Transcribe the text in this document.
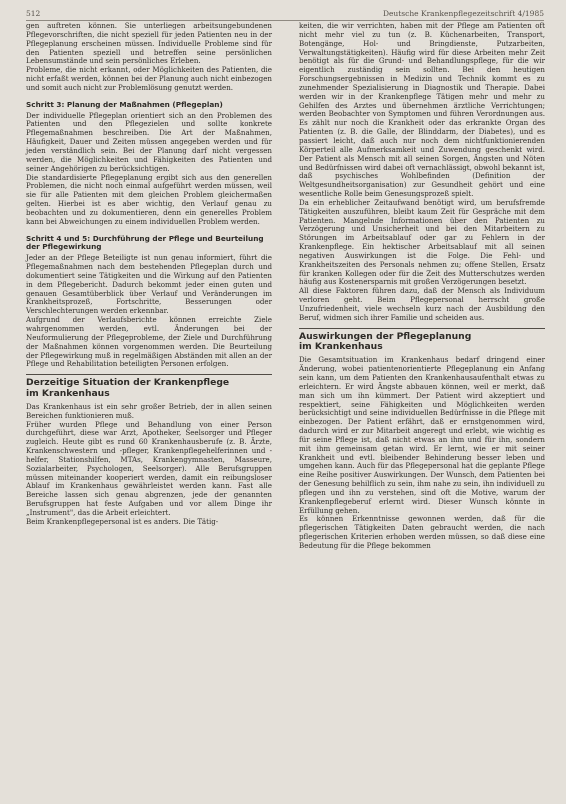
512	Deutsche Krankenpflegezeitschrift 4/1985

gen auftreten können. Sie unterliegen arbeitsungebundenen Pflegevorschriften, die nicht speziell für jeden Patienten neu in der Pflegeplanung erscheinen müssen. Individuelle Probleme sind für den Patienten speziell und betreffen seine persönlichen Lebensumstände und sein persönliches Erleben.

Probleme, die nicht erkannt, oder Möglichkeiten des Patienten, die nicht erfaßt werden, können bei der Planung auch nicht einbezogen und somit auch nicht zur Problemlösung genutzt werden.

Schritt 3: Planung der Maßnahmen (Pflegeplan)

Der individuelle Pflegeplan orientiert sich an den Problemen des Patienten und den Pflegezielen und sollte konkrete Pflegemaßnahmen beschreiben. Die Art der Maßnahmen, Häufigkeit, Dauer und Zeiten müssen angegeben werden und für jeden verständlich sein. Bei der Planung darf nicht vergessen werden, die Möglichkeiten und Fähigkeiten des Patienten und seiner Angehörigen zu berücksichtigen.

Die standardisierte Pflegeplanung ergibt sich aus den generellen Problemen, die nicht noch einmal aufgeführt werden müssen, weil sie für alle Patienten mit dem gleichen Problem gleichermaßen gelten. Hierbei ist es aber wichtig, den Verlauf genau zu beobachten und zu dokumentieren, denn ein generelles Problem kann bei Abweichungen zu einem individuellen Problem werden.

Schritt 4 und 5: Durchführung der Pflege und Beurteilung der Pflegewirkung

Jeder an der Pflege Beteiligte ist nun genau informiert, führt die Pflegemaßnahmen nach dem bestehenden Pflegeplan durch und dokumentiert seine Tätigkeiten und die Wirkung auf den Patienten in dem Pflegebericht. Dadurch bekommt jeder einen guten und genauen Gesamtüberblick über Verlauf und Veränderungen im Krankheitsprozeß, Fortschritte, Besserungen oder Verschlechterungen werden erkennbar.

Aufgrund der Verlaufsberichte können erreichte Ziele wahrgenommen werden, evtl. Änderungen bei der Neuformulierung der Pflegeprobleme, der Ziele und Durchführung der Maßnahmen können vorgenommen werden. Die Beurteilung der Pflegewirkung muß in regelmäßigen Abständen mit allen an der Pflege und Rehabilitation beteiligten Personen erfolgen.

Derzeitige Situation der Krankenpflege
im Krankenhaus

Das Krankenhaus ist ein sehr großer Betrieb, der in allen seinen Bereichen funktionieren muß.

Früher wurden Pflege und Behandlung von einer Person durchgeführt, diese war Arzt, Apotheker, Seelsorger und Pfleger zugleich. Heute gibt es rund 60 Krankenhausberufe (z. B. Ärzte, Krankenschwestern und -pfleger, Krankenpflegehelferinnen und -helfer, Stationshilfen, MTAs, Krankengymnasten, Masseure, Sozialarbeiter, Psychologen, Seelsorger). Alle Berufsgruppen müssen miteinander kooperiert werden, damit ein reibungsloser Ablauf im Krankenhaus gewährleistet werden kann. Fast alle Bereiche lassen sich genau abgrenzen, jede der genannten Berufsgruppen hat feste Aufgaben und vor allem Dinge ihr „Instrument", das die Arbeit erleichtert.

Beim Krankenpflegepersonal ist es anders. Die Tätig-

keiten, die wir verrichten, haben mit der Pflege am Patienten oft nicht mehr viel zu tun (z. B. Küchenarbeiten, Transport, Botengänge, Hol- und Bringdienste, Putzarbeiten, Verwaltungstätigkeiten). Häufig wird für diese Arbeiten mehr Zeit benötigt als für die Grund- und Behandlungspflege, für die wir eigentlich zuständig sein sollten. Bei den heutigen Forschungsergebnissen in Medizin und Technik kommt es zu zunehmender Spezialisierung in Diagnostik und Therapie. Dabei werden wir in der Krankenpflege Tätigen mehr und mehr zu Gehilfen des Arztes und übernehmen ärztliche Verrichtungen; werden Beobachter von Symptomen und führen Verordnungen aus. Es zählt nur noch die Krankheit oder das erkrankte Organ des Patienten (z. B. die Galle, der Blinddarm, der Diabetes), und es passiert leicht, daß auch nur noch dem nichtfunktionierenden Körperteil alle Aufmerksamkeit und Zuwendung geschenkt wird. Der Patient als Mensch mit all seinen Sorgen, Ängsten und Nöten und Bedürfnissen wird dabei oft vernachlässigt, obwohl bekannt ist, daß psychisches Wohlbefinden (Definition der Weltgesundheitsorganisation) zur Gesundheit gehört und eine wesentliche Rolle beim Genesungsprozeß spielt.

Da ein erheblicher Zeitaufwand benötigt wird, um berufsfremde Tätigkeiten auszuführen, bleibt kaum Zeit für Gespräche mit dem Patienten. Mangelnde Informationen über den Patienten zu Verzögerung und Unsicherheit und bei den Mitarbeitern zu Störungen im Arbeitsablauf oder gar zu Fehlern in der Krankenpflege. Ein hektischer Arbeitsablauf mit all seinen negativen Auswirkungen ist die Folge. Die Fehl- und Krankheitszeiten des Personals nehmen zu; offene Stellen, Ersatz für kranken Kollegen oder für die Zeit des Mutterschutzes werden häufig aus Kostenersparnis mit großen Verzögerungen besetzt.

All diese Faktoren führen dazu, daß der Mensch als Individuum verloren geht. Beim Pflegepersonal herrscht große Unzufriedenheit, viele wechseln kurz nach der Ausbildung den Beruf, widmen sich ihrer Familie und scheiden aus.

Auswirkungen der Pflegeplanung
im Krankenhaus

Die Gesamtsituation im Krankenhaus bedarf dringend einer Änderung, wobei patientenorientierte Pflegeplanung ein Anfang sein kann, um dem Patienten den Krankenhausaufenthalt etwas zu erleichtern. Er wird Ängste abbauen können, weil er merkt, daß man sich um ihn kümmert. Der Patient wird akzeptiert und respektiert, seine Fähigkeiten und Möglichkeiten werden berücksichtigt und seine individuellen Bedürfnisse in die Pflege mit einbezogen. Der Patient erfährt, daß er ernstgenommen wird, dadurch wird er zur Mitarbeit angeregt und erlebt, wie wichtig es für seine Pflege ist, daß nicht etwas an ihm und für ihn, sondern mit ihm gemeinsam getan wird. Er lernt, wie er mit seiner Krankheit und evtl. bleibender Behinderung besser leben und umgehen kann. Auch für das Pflegepersonal hat die geplante Pflege eine Reihe positiver Auswirkungen. Der Wunsch, dem Patienten bei der Genesung behilflich zu sein, ihm nahe zu sein, ihn individuell zu pflegen und ihn zu verstehen, sind oft die Motive, warum der Krankenpflegeberuf erlernt wird. Dieser Wunsch könnte in Erfüllung gehen.

Es können Erkenntnisse gewonnen werden, daß für die pflegerischen Tätigkeiten Daten gebraucht werden, die nach pflegerischen Kriterien erhoben werden müssen, so daß diese eine Bedeutung für die Pflege bekommen
